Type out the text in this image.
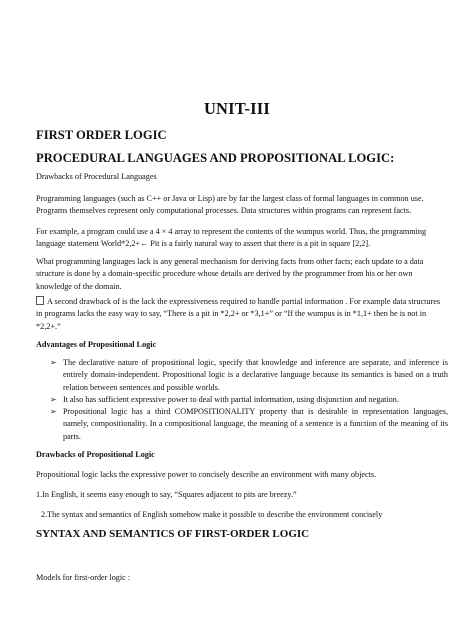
UNIT-III
FIRST ORDER LOGIC
PROCEDURAL LANGUAGES AND PROPOSITIONAL LOGIC:

Drawbacks of Procedural Languages

Programming languages (such as C++ or Java or Lisp) are by far the largest class of formal languages in common use. Programs themselves represent only computational processes. Data structures within programs can represent facts.

For example, a program could use a 4 × 4 array to represent the contents of the wumpus world. Thus, the programming language statement World*2,2+← Pit is a fairly natural way to assert that there is a pit in square [2,2].

What programming languages lack is any general mechanism for deriving facts from other facts; each update to a data structure is done by a domain-specific procedure whose details are derived by the programmer from his or her own knowledge of the domain.

A second drawback of is the lack the expressiveness required to handle partial information . For example data structures in programs lacks the easy way to say, “There is a pit in *2,2+ or *3,1+” or “If the wumpus is in *1,1+ then he is not in *2,2+.”

Advantages of Propositional Logic
➢ The declarative nature of propositional logic, specify that knowledge and inference are separate, and inference is entirely domain-independent. Propositional logic is a declarative language because its semantics is based on a truth relation between sentences and possible worlds.
➢ It also has sufficient expressive power to deal with partial information, using disjunction and negation.
➢ Propositional logic has a third COMPOSITIONALITY property that is desirable in representation languages, namely, compositionality. In a compositional language, the meaning of a sentence is a function of the meaning of its parts.
Drawbacks of Propositional Logic

Propositional logic lacks the expressive power to concisely describe an environment with many objects.

1.In English, it seems easy enough to say, “Squares adjacent to pits are breezy.”

2.The syntax and semantics of English somehow make it possible to describe the environment concisely

SYNTAX AND SEMANTICS OF FIRST-ORDER LOGIC

Models for first-order logic :
